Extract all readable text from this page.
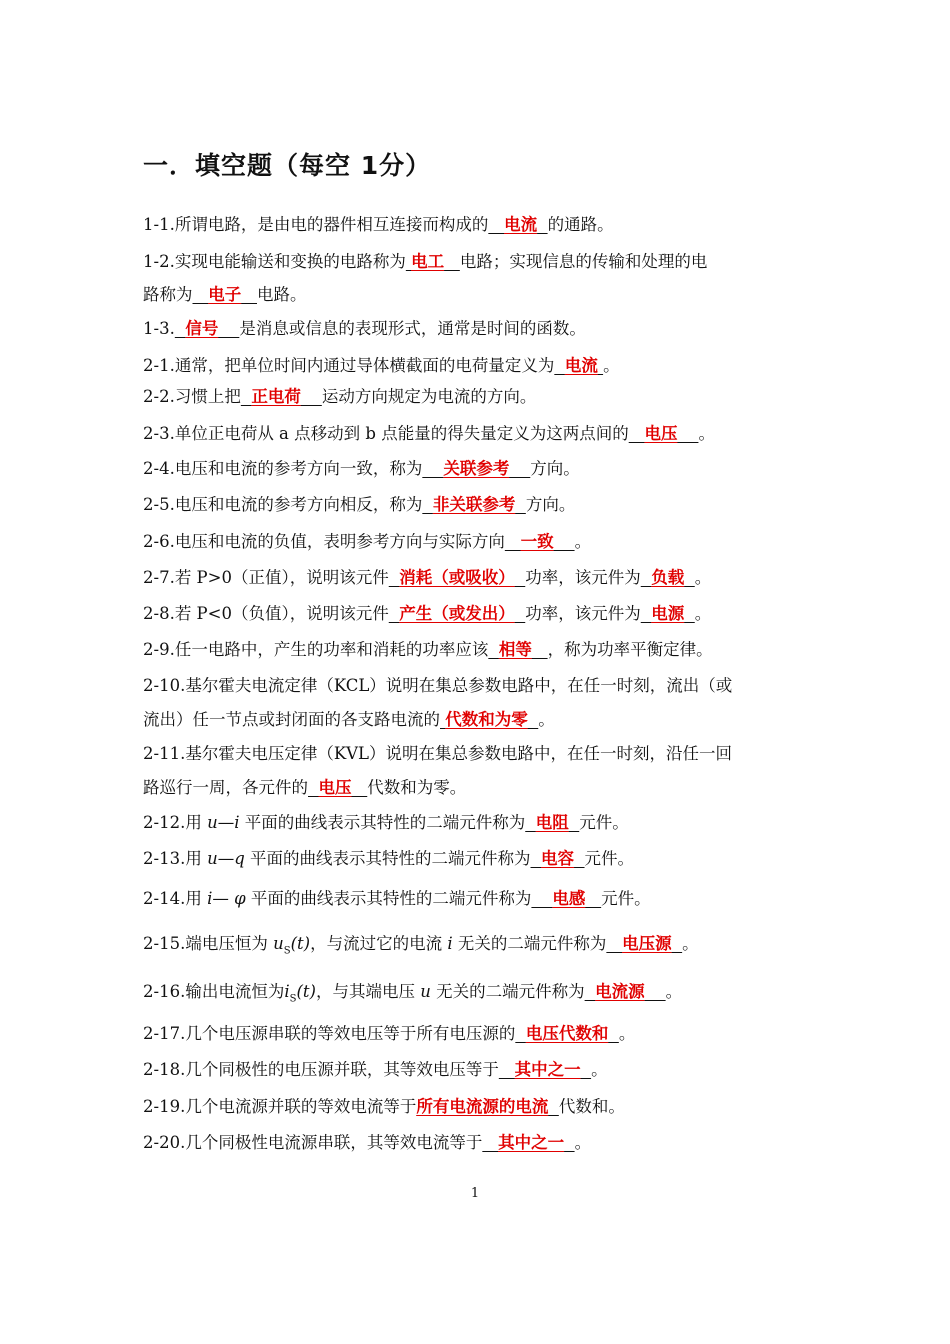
一．填空题（每空 1分）
1-1.所谓电路，是由电的器件相互连接而构成的 电流 的通路。
1-2.实现电能输送和变换的电路称为 电工 电路；实现信息的传输和处理的电
路称为 电子 电路。
1-3. 信号 是消息或信息的表现形式，通常是时间的函数。
2-1.通常，把单位时间内通过导体横截面的电荷量定义为 电流 。
2-2.习惯上把 正电荷 运动方向规定为电流的方向。
2-3.单位正电荷从 a 点移动到 b 点能量的得失量定义为这两点间的 电压 。
2-4.电压和电流的参考方向一致，称为 关联参考 方向。
2-5.电压和电流的参考方向相反，称为 非关联参考 方向。
2-6.电压和电流的负值，表明参考方向与实际方向 一致 。
2-7.若 P>0（正值），说明该元件 消耗（或吸收） 功率，该元件为 负载 。
2-8.若 P<0（负值），说明该元件 产生（或发出） 功率，该元件为 电源 。
2-9.任一电路中，产生的功率和消耗的功率应该 相等 ，称为功率平衡定律。
2-10.基尔霍夫电流定律（KCL）说明在集总参数电路中，在任一时刻，流出（或
流出）任一节点或封闭面的各支路电流的 代数和为零 。
2-11.基尔霍夫电压定律（KVL）说明在集总参数电路中，在任一时刻，沿任一回
路巡行一周，各元件的 电压 代数和为零。
2-12.用 u—i 平面的曲线表示其特性的二端元件称为 电阻 元件。
2-13.用 u—q 平面的曲线表示其特性的二端元件称为 电容 元件。
2-14.用 i— φ 平面的曲线表示其特性的二端元件称为 电感 元件。
2-15.端电压恒为 $u_S(t)$，与流过它的电流 i 无关的二端元件称为 电压源 。
2-16.输出电流恒为$i_S(t)$，与其端电压 u 无关的二端元件称为 电流源 。
2-17.几个电压源串联的等效电压等于所有电压源的 电压代数和 。
2-18.几个同极性的电压源并联，其等效电压等于 其中之一 。
2-19.几个电流源并联的等效电流等于所有电流源的电流 代数和。
2-20.几个同极性电流源串联，其等效电流等于 其中之一 。
1
